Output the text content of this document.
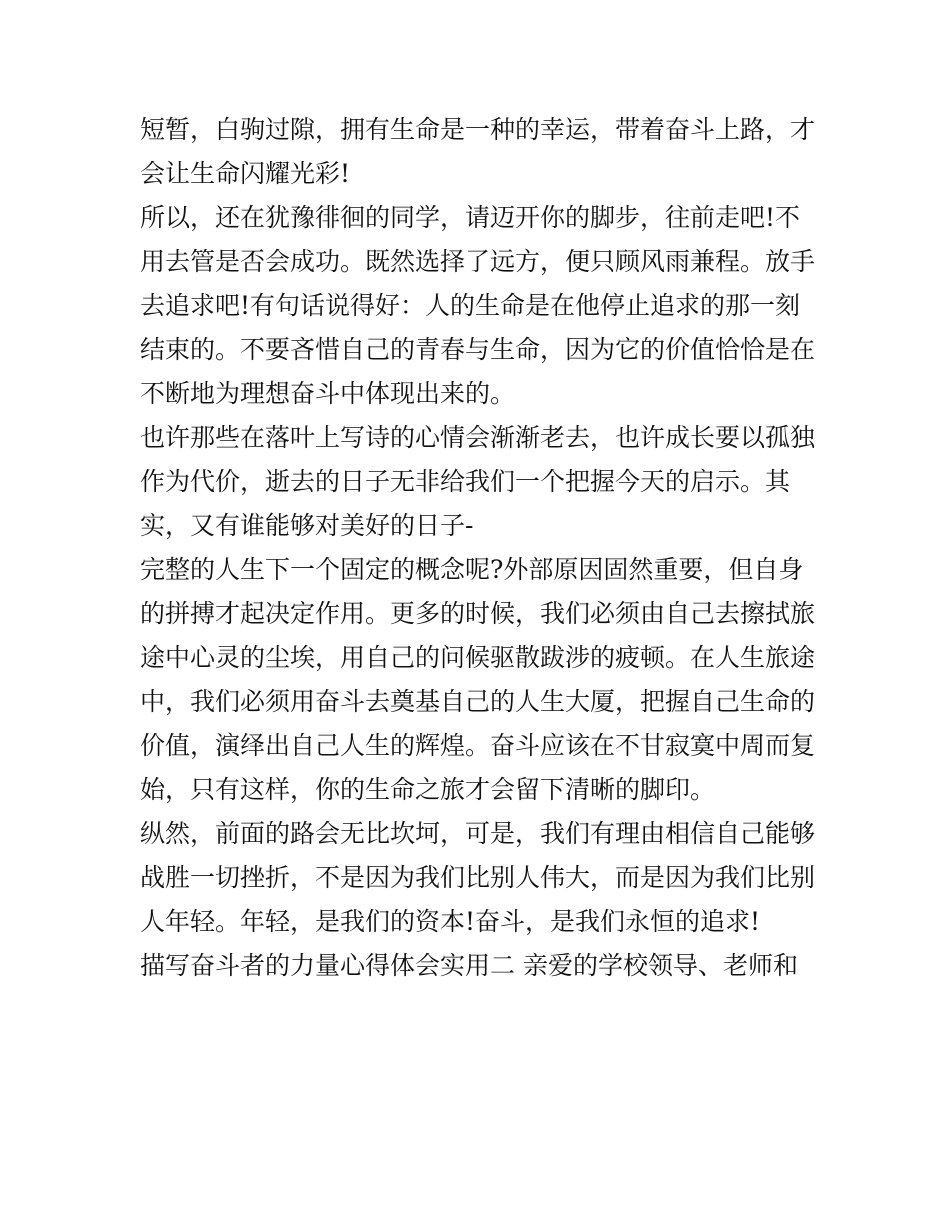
短暂，白驹过隙，拥有生命是一种的幸运，带着奋斗上路，才

会让生命闪耀光彩!

所以，还在犹豫徘徊的同学，请迈开你的脚步，往前走吧!不

用去管是否会成功。既然选择了远方，便只顾风雨兼程。放手

去追求吧!有句话说得好：人的生命是在他停止追求的那一刻

结束的。不要吝惜自己的青春与生命，因为它的价值恰恰是在

不断地为理想奋斗中体现出来的。

也许那些在落叶上写诗的心情会渐渐老去，也许成长要以孤独

作为代价，逝去的日子无非给我们一个把握今天的启示。其

实，又有谁能够对美好的日子-

完整的人生下一个固定的概念呢?外部原因固然重要，但自身

的拼搏才起决定作用。更多的时候，我们必须由自己去擦拭旅

途中心灵的尘埃，用自己的问候驱散跋涉的疲顿。在人生旅途

中，我们必须用奋斗去奠基自己的人生大厦，把握自己生命的

价值，演绎出自己人生的辉煌。奋斗应该在不甘寂寞中周而复

始，只有这样，你的生命之旅才会留下清晰的脚印。

纵然，前面的路会无比坎坷，可是，我们有理由相信自己能够

战胜一切挫折，不是因为我们比别人伟大，而是因为我们比别

人年轻。年轻，是我们的资本!奋斗，是我们永恒的追求!

描写奋斗者的力量心得体会实用二 亲爱的学校领导、老师和
